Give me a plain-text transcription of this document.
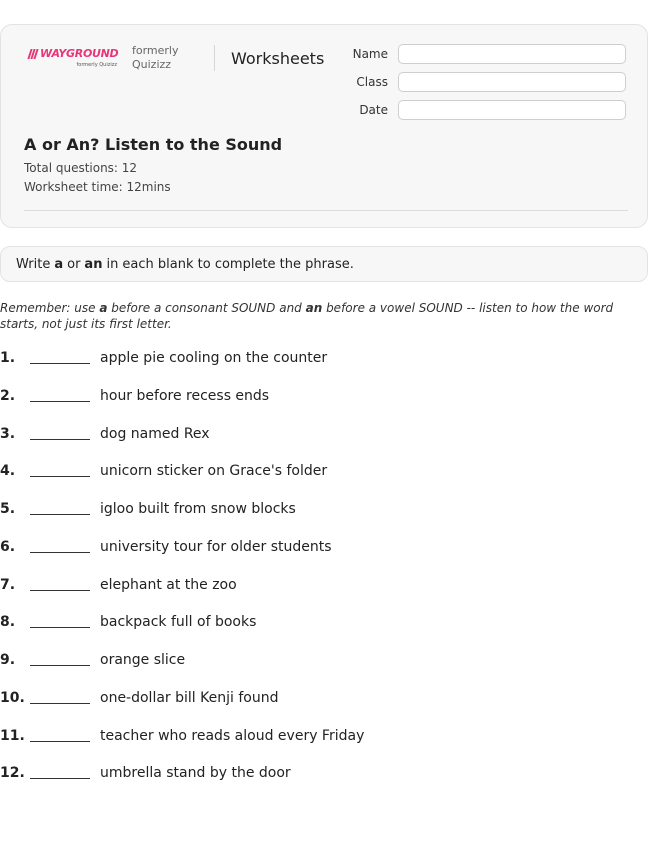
WAYGROUND
formerly Quizizz
formerly
Quizizz	Worksheets	Name
Class
Date
A or An? Listen to the Sound
Total questions: 12
Worksheet time: 12mins
Write a or an in each blank to complete the phrase.
Remember: use a before a consonant SOUND and an before a vowel SOUND -- listen to how the word starts, not just its first letter.
1.	apple pie cooling on the counter
2.	hour before recess ends
3.	dog named Rex
4.	unicorn sticker on Grace's folder
5.	igloo built from snow blocks
6.	university tour for older students
7.	elephant at the zoo
8.	backpack full of books
9.	orange slice
10.	one-dollar bill Kenji found
11.	teacher who reads aloud every Friday
12.	umbrella stand by the door
